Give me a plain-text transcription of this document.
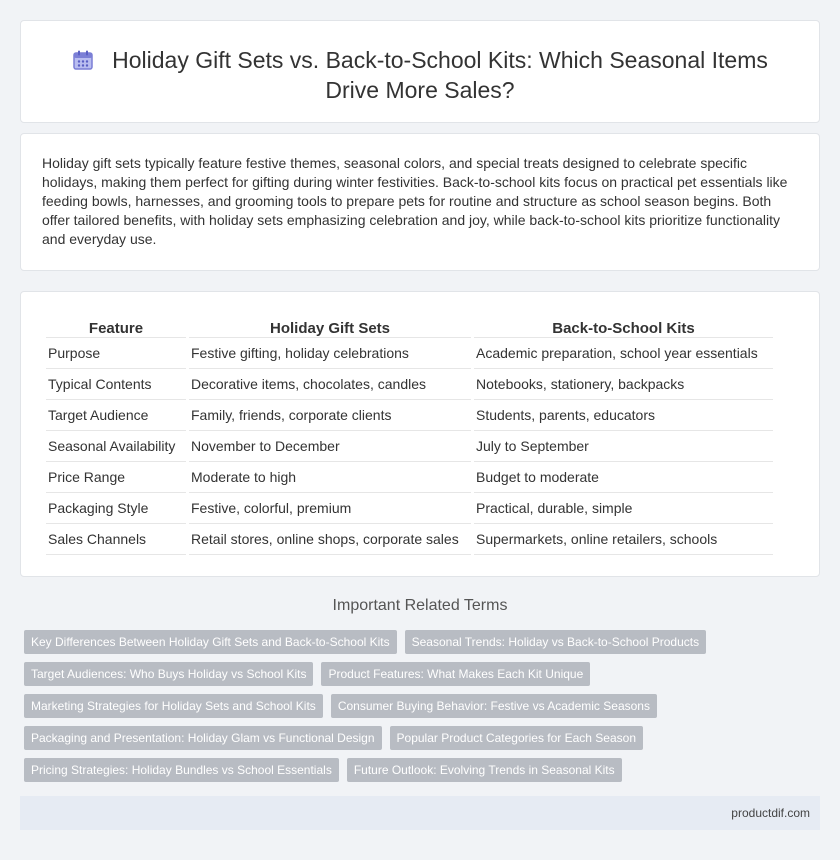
Holiday Gift Sets vs. Back-to-School Kits: Which Seasonal Items Drive More Sales?

Holiday gift sets typically feature festive themes, seasonal colors, and special treats designed to celebrate specific holidays, making them perfect for gifting during winter festivities. Back-to-school kits focus on practical pet essentials like feeding bowls, harnesses, and grooming tools to prepare pets for routine and structure as school season begins. Both offer tailored benefits, with holiday sets emphasizing celebration and joy, while back-to-school kits prioritize functionality and everyday use.

Feature	Holiday Gift Sets	Back-to-School Kits
Purpose	Festive gifting, holiday celebrations	Academic preparation, school year essentials
Typical Contents	Decorative items, chocolates, candles	Notebooks, stationery, backpacks
Target Audience	Family, friends, corporate clients	Students, parents, educators
Seasonal Availability	November to December	July to September
Price Range	Moderate to high	Budget to moderate
Packaging Style	Festive, colorful, premium	Practical, durable, simple
Sales Channels	Retail stores, online shops, corporate sales	Supermarkets, online retailers, schools
Important Related Terms
Key Differences Between Holiday Gift Sets and Back-to-School Kits	Seasonal Trends: Holiday vs Back-to-School Products
Target Audiences: Who Buys Holiday vs School Kits	Product Features: What Makes Each Kit Unique
Marketing Strategies for Holiday Sets and School Kits	Consumer Buying Behavior: Festive vs Academic Seasons
Packaging and Presentation: Holiday Glam vs Functional Design	Popular Product Categories for Each Season
Pricing Strategies: Holiday Bundles vs School Essentials	Future Outlook: Evolving Trends in Seasonal Kits
productdif.com
